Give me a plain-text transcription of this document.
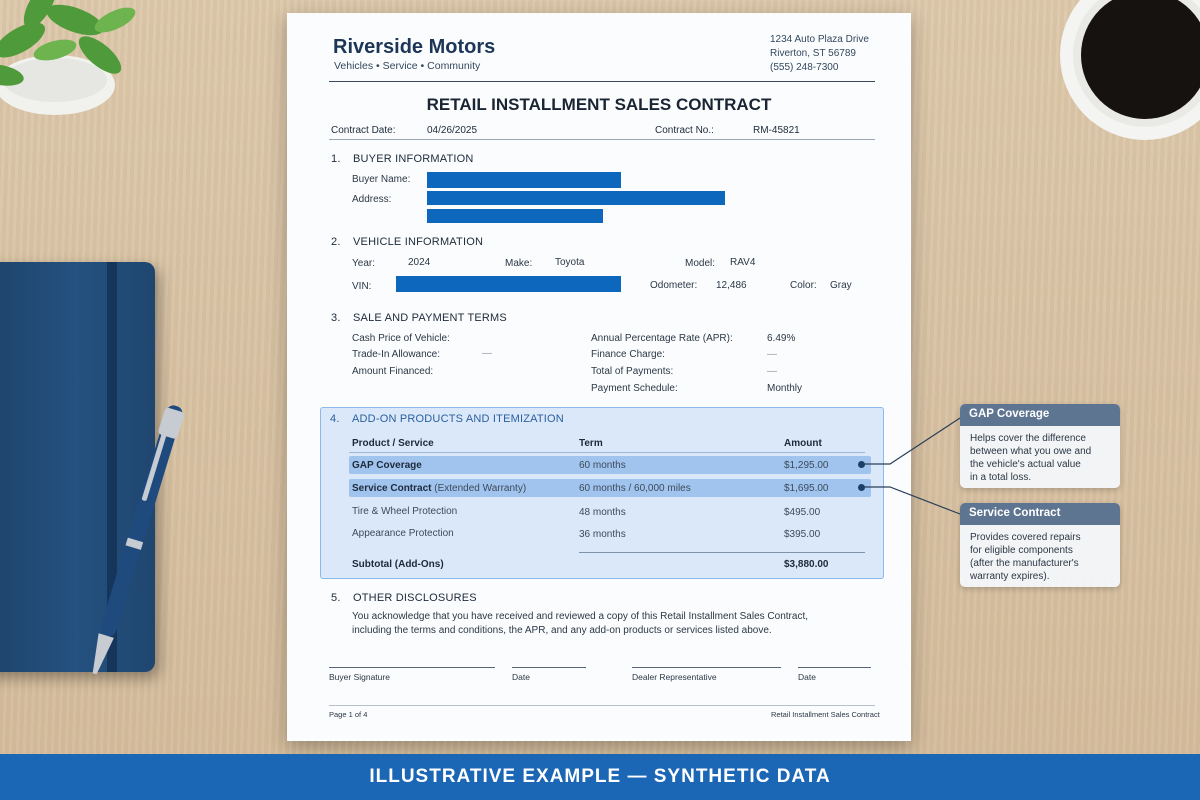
Riverside Motors
Vehicles • Service • Community
1234 Auto Plaza Drive
Riverton, ST 56789
(555) 248-7300
RETAIL INSTALLMENT SALES CONTRACT
Contract Date:	04/26/2025	Contract No.:	RM-45821
1. BUYER INFORMATION
Buyer Name:
Address:
2. VEHICLE INFORMATION
Year:	2024	Make: Toyota	Model: RAV4
VIN:	Odometer: 12,486	Color: Gray
3. SALE AND PAYMENT TERMS
Cash Price of Vehicle:
Trade-In Allowance:	—
Amount Financed:
Annual Percentage Rate (APR):	6.49%
Finance Charge:	—
Total of Payments:	—
Payment Schedule:	Monthly
4. ADD-ON PRODUCTS AND ITEMIZATION
Product / Service	Term	Amount
GAP Coverage	60 months	$1,295.00
Service Contract (Extended Warranty)	60 months / 60,000 miles	$1,695.00
Tire & Wheel Protection	48 months	$495.00
Appearance Protection	36 months	$395.00
Subtotal (Add-Ons)	$3,880.00
5. OTHER DISCLOSURES
You acknowledge that you have received and reviewed a copy of this Retail Installment Sales Contract,
including the terms and conditions, the APR, and any add-on products or services listed above.
Buyer Signature	Date	Dealer Representative	Date
Page 1 of 4	Retail Installment Sales Contract
GAP Coverage
Helps cover the difference
between what you owe and
the vehicle's actual value
in a total loss.
Service Contract
Provides covered repairs
for eligible components
(after the manufacturer's
warranty expires).
ILLUSTRATIVE EXAMPLE — SYNTHETIC DATA
